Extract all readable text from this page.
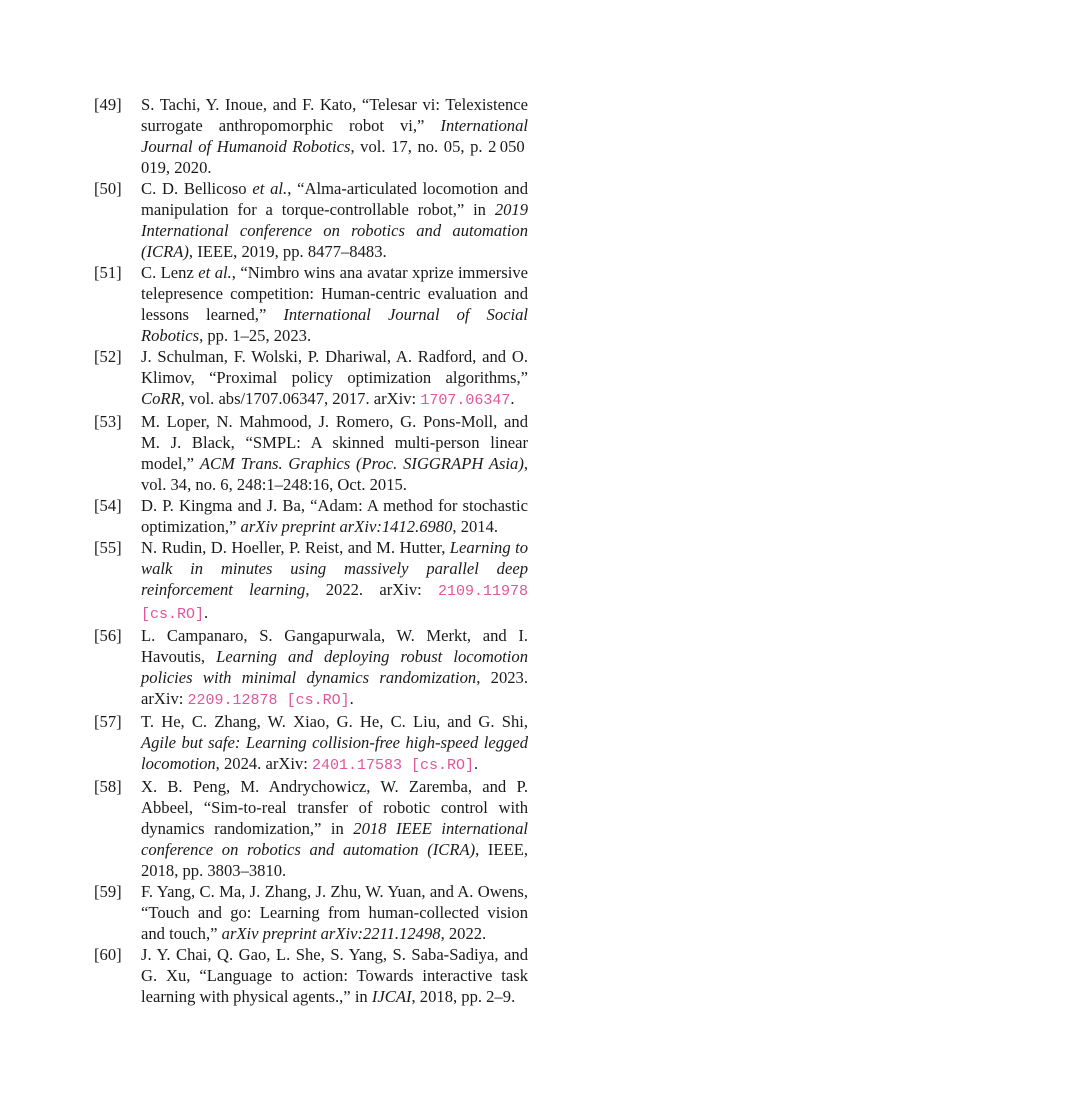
[49] S. Tachi, Y. Inoue, and F. Kato, “Telesar vi: Telexistence surrogate anthropomorphic robot vi,” International Journal of Humanoid Robotics, vol. 17, no. 05, p. 2 050 019, 2020.
[50] C. D. Bellicoso et al., “Alma-articulated locomotion and manipulation for a torque-controllable robot,” in 2019 International conference on robotics and automation (ICRA), IEEE, 2019, pp. 8477–8483.
[51] C. Lenz et al., “Nimbro wins ana avatar xprize immersive telepresence competition: Human-centric evaluation and lessons learned,” International Journal of Social Robotics, pp. 1–25, 2023.
[52] J. Schulman, F. Wolski, P. Dhariwal, A. Radford, and O. Klimov, “Proximal policy optimization algorithms,” CoRR, vol. abs/1707.06347, 2017. arXiv: 1707.06347.
[53] M. Loper, N. Mahmood, J. Romero, G. Pons-Moll, and M. J. Black, “SMPL: A skinned multi-person linear model,” ACM Trans. Graphics (Proc. SIGGRAPH Asia), vol. 34, no. 6, 248:1–248:16, Oct. 2015.
[54] D. P. Kingma and J. Ba, “Adam: A method for stochastic optimization,” arXiv preprint arXiv:1412.6980, 2014.
[55] N. Rudin, D. Hoeller, P. Reist, and M. Hutter, Learning to walk in minutes using massively parallel deep reinforcement learning, 2022. arXiv: 2109.11978 [cs.RO].
[56] L. Campanaro, S. Gangapurwala, W. Merkt, and I. Havoutis, Learning and deploying robust locomotion policies with minimal dynamics randomization, 2023. arXiv: 2209.12878 [cs.RO].
[57] T. He, C. Zhang, W. Xiao, G. He, C. Liu, and G. Shi, Agile but safe: Learning collision-free high-speed legged locomotion, 2024. arXiv: 2401.17583 [cs.RO].
[58] X. B. Peng, M. Andrychowicz, W. Zaremba, and P. Abbeel, “Sim-to-real transfer of robotic control with dynamics randomization,” in 2018 IEEE international conference on robotics and automation (ICRA), IEEE, 2018, pp. 3803–3810.
[59] F. Yang, C. Ma, J. Zhang, J. Zhu, W. Yuan, and A. Owens, “Touch and go: Learning from human-collected vision and touch,” arXiv preprint arXiv:2211.12498, 2022.
[60] J. Y. Chai, Q. Gao, L. She, S. Yang, S. Saba-Sadiya, and G. Xu, “Language to action: Towards interactive task learning with physical agents.,” in IJCAI, 2018, pp. 2–9.
